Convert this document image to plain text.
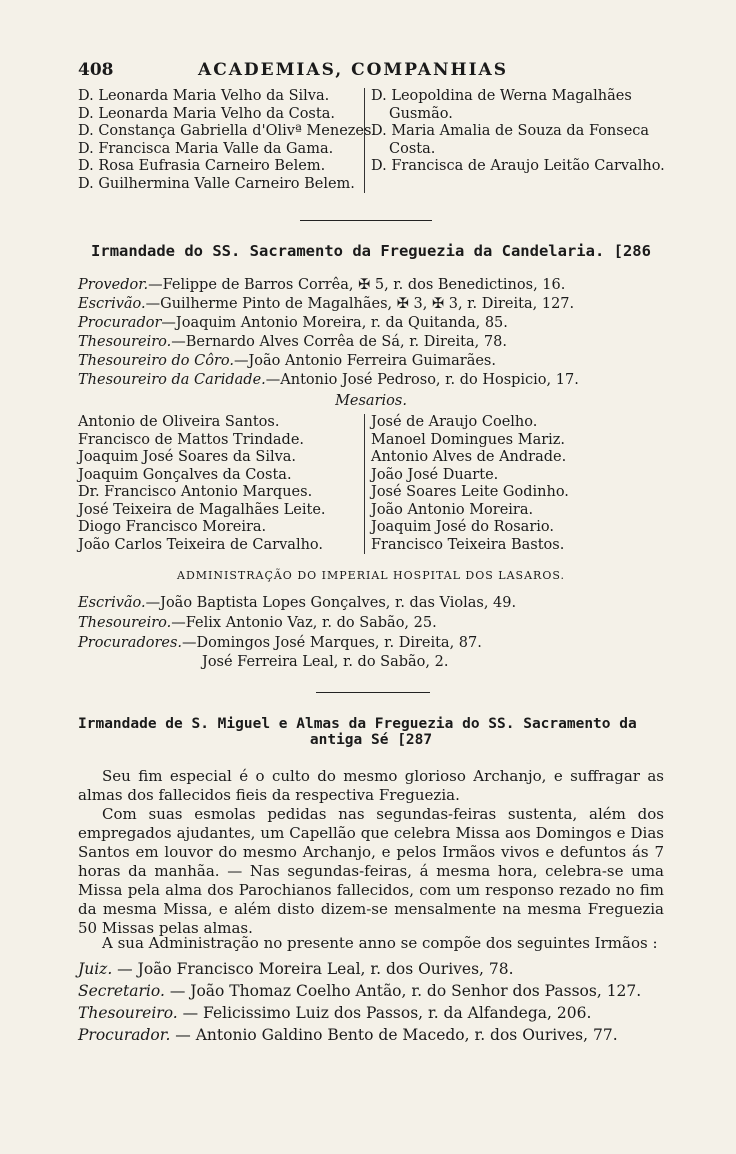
408	ACADEMIAS, COMPANHIAS
D. Leonarda Maria Velho da Silva.
D. Leonarda Maria Velho da Costa.
D. Constança Gabriella d'Olivª Menezes.
D. Francisca Maria Valle da Gama.
D. Rosa Eufrasia Carneiro Belem.
D. Guilhermina Valle Carneiro Belem.
D. Leopoldina de Werna Magalhães
Gusmão.
D. Maria Amalia de Souza da Fonseca
Costa.
D. Francisca de Araujo Leitão Carvalho.
Irmandade do SS. Sacramento da Freguezia da Candelaria. [286
Provedor.—Felippe de Barros Corrêa, ✠ 5, r. dos Benedictinos, 16.
Escrivão.—Guilherme Pinto de Magalhães, ✠ 3, ✠ 3, r. Direita, 127.
Procurador—Joaquim Antonio Moreira, r. da Quitanda, 85.
Thesoureiro.—Bernardo Alves Corrêa de Sá, r. Direita, 78.
Thesoureiro do Côro.—João Antonio Ferreira Guimarães.
Thesoureiro da Caridade.—Antonio José Pedroso, r. do Hospicio, 17.
Mesarios.
Antonio de Oliveira Santos.
Francisco de Mattos Trindade.
Joaquim José Soares da Silva.
Joaquim Gonçalves da Costa.
Dr. Francisco Antonio Marques.
José Teixeira de Magalhães Leite.
Diogo Francisco Moreira.
João Carlos Teixeira de Carvalho.
José de Araujo Coelho.
Manoel Domingues Mariz.
Antonio Alves de Andrade.
João José Duarte.
José Soares Leite Godinho.
João Antonio Moreira.
Joaquim José do Rosario.
Francisco Teixeira Bastos.
ADMINISTRAÇÃO DO IMPERIAL HOSPITAL DOS LASAROS.
Escrivão.—João Baptista Lopes Gonçalves, r. das Violas, 49.
Thesoureiro.—Felix Antonio Vaz, r. do Sabão, 25.
Procuradores.—Domingos José Marques, r. Direita, 87.
José Ferreira Leal, r. do Sabão, 2.
Irmandade de S. Miguel e Almas da Freguezia do SS. Sacramento da
antiga Sé [287
Seu fim especial é o culto do mesmo glorioso Archanjo, e suffragar as almas dos fallecidos fieis da respectiva Freguezia.
Com suas esmolas pedidas nas segundas-feiras sustenta, além dos empregados ajudantes, um Capellão que celebra Missa aos Domingos e Dias Santos em louvor do mesmo Archanjo, e pelos Irmãos vivos e defuntos ás 7 horas da manhãa. — Nas segundas-feiras, á mesma hora, celebra-se uma Missa pela alma dos Parochianos fallecidos, com um responso rezado no fim da mesma Missa, e além disto dizem-se mensalmente na mesma Freguezia 50 Missas pelas almas.
A sua Administração no presente anno se compõe dos seguintes Irmãos :
Juiz. — João Francisco Moreira Leal, r. dos Ourives, 78.
Secretario. — João Thomaz Coelho Antão, r. do Senhor dos Passos, 127.
Thesoureiro. — Felicissimo Luiz dos Passos, r. da Alfandega, 206.
Procurador. — Antonio Galdino Bento de Macedo, r. dos Ourives, 77.
